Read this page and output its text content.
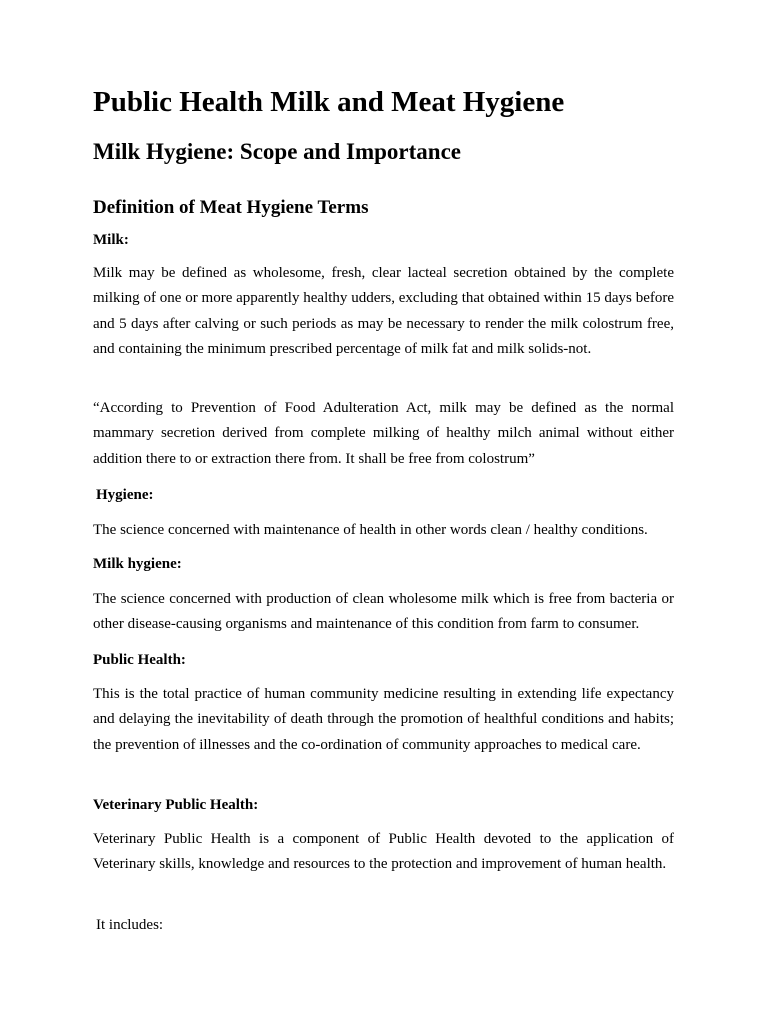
Public Health Milk and Meat Hygiene
Milk Hygiene: Scope and Importance
Definition of Meat Hygiene Terms

Milk:

Milk may be defined as wholesome, fresh, clear lacteal secretion obtained by the complete milking of one or more apparently healthy udders, excluding that obtained within 15 days before and 5 days after calving or such periods as may be necessary to render the milk colostrum free, and containing the minimum prescribed percentage of milk fat and milk solids-not.

“According to Prevention of Food Adulteration Act, milk may be defined as the normal mammary secretion derived from complete milking of healthy milch animal without either addition there to or extraction there from. It shall be free from colostrum”

Hygiene:

The science concerned with maintenance of health in other words clean / healthy conditions.

Milk hygiene:

The science concerned with production of clean wholesome milk which is free from bacteria or other disease-causing organisms and maintenance of this condition from farm to consumer.

Public Health:

This is the total practice of human community medicine resulting in extending life expectancy and delaying the inevitability of death through the promotion of healthful conditions and habits; the prevention of illnesses and the co-ordination of community approaches to medical care.

Veterinary Public Health:

Veterinary Public Health is a component of Public Health devoted to the application of Veterinary skills, knowledge and resources to the protection and improvement of human health.

It includes:
